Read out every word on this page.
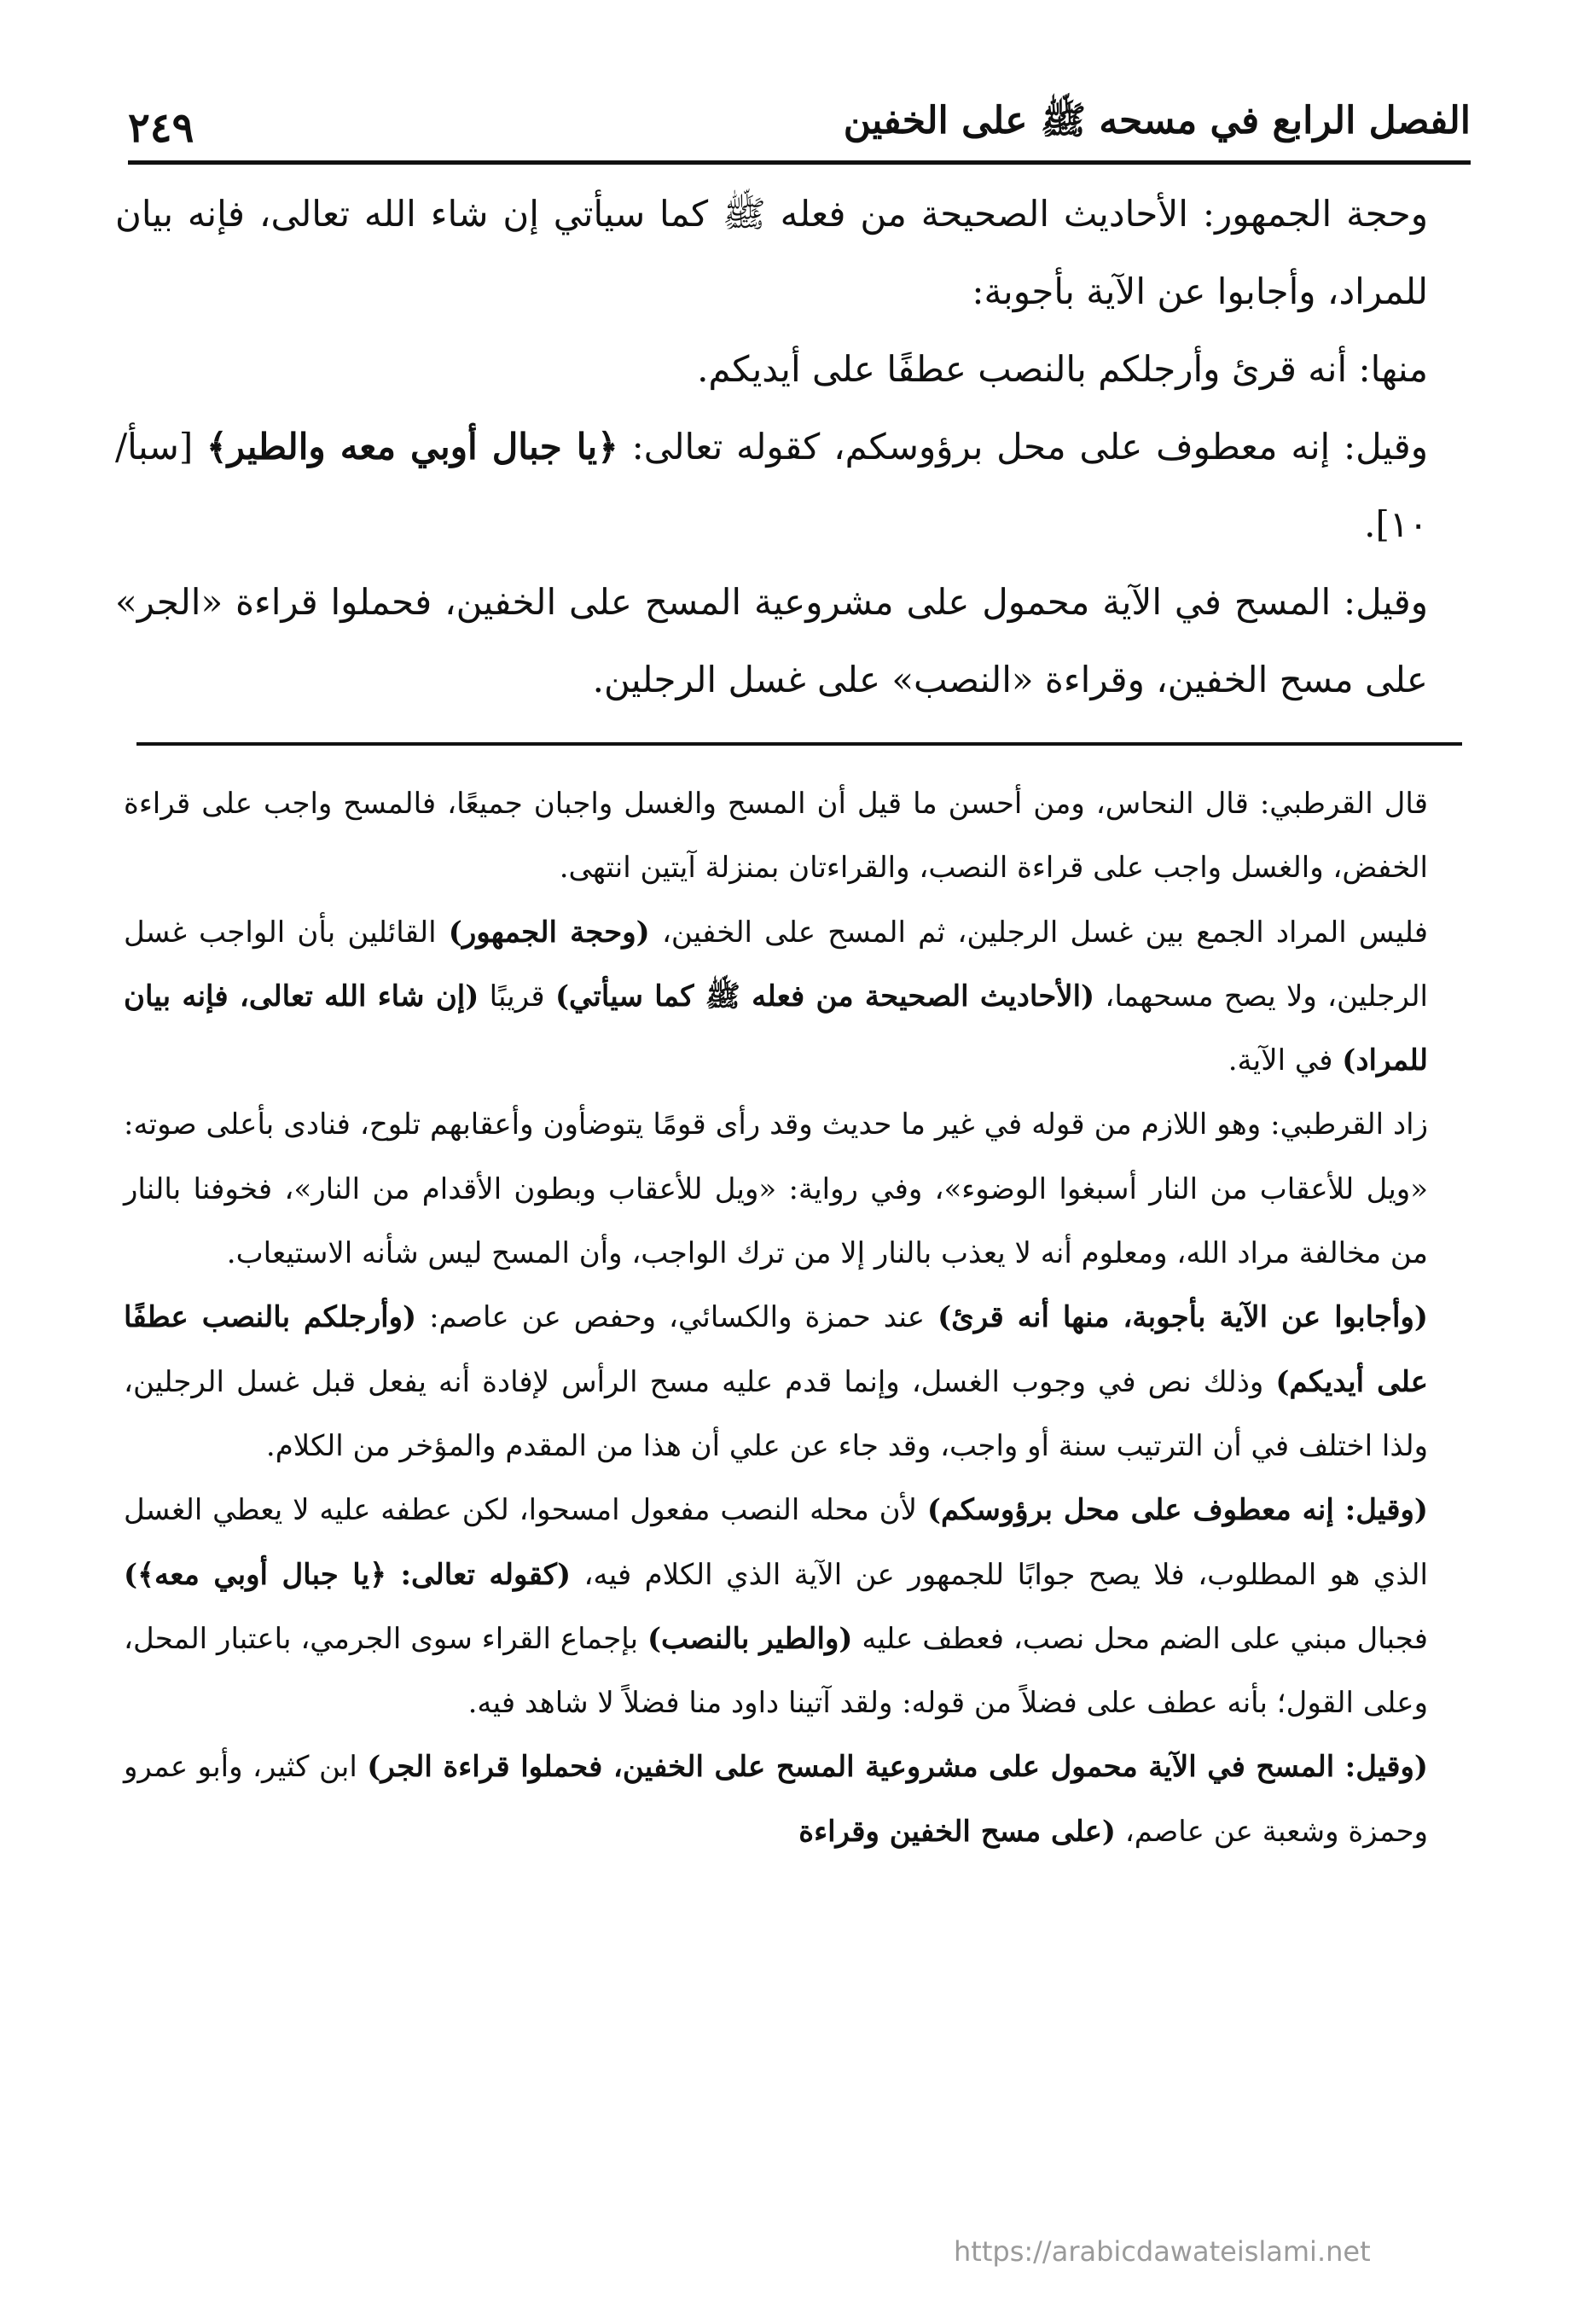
الفصل الرابع في مسحه ﷺ على الخفين
٢٤٩

وحجة الجمهور: الأحاديث الصحيحة من فعله ﷺ كما سيأتي إن شاء الله تعالى، فإنه بيان للمراد، وأجابوا عن الآية بأجوبة:

منها: أنه قرئ وأرجلكم بالنصب عطفًا على أيديكم.

وقيل: إنه معطوف على محل برؤوسكم، كقوله تعالى: ﴿يا جبال أوبي معه والطير﴾ [سبأ/١٠].

وقيل: المسح في الآية محمول على مشروعية المسح على الخفين، فحملوا قراءة «الجر» على مسح الخفين، وقراءة «النصب» على غسل الرجلين.

قال القرطبي: قال النحاس، ومن أحسن ما قيل أن المسح والغسل واجبان جميعًا، فالمسح واجب على قراءة الخفض، والغسل واجب على قراءة النصب، والقراءتان بمنزلة آيتين انتهى.

فليس المراد الجمع بين غسل الرجلين، ثم المسح على الخفين، (وحجة الجمهور) القائلين بأن الواجب غسل الرجلين، ولا يصح مسحهما، (الأحاديث الصحيحة من فعله ﷺ كما سيأتي) قريبًا (إن شاء الله تعالى، فإنه بيان للمراد) في الآية.

زاد القرطبي: وهو اللازم من قوله في غير ما حديث وقد رأى قومًا يتوضأون وأعقابهم تلوح، فنادى بأعلى صوته: «ويل للأعقاب من النار أسبغوا الوضوء»، وفي رواية: «ويل للأعقاب وبطون الأقدام من النار»، فخوفنا بالنار من مخالفة مراد الله، ومعلوم أنه لا يعذب بالنار إلا من ترك الواجب، وأن المسح ليس شأنه الاستيعاب.

(وأجابوا عن الآية بأجوبة، منها أنه قرئ) عند حمزة والكسائي، وحفص عن عاصم: (وأرجلكم بالنصب عطفًا على أيديكم) وذلك نص في وجوب الغسل، وإنما قدم عليه مسح الرأس لإفادة أنه يفعل قبل غسل الرجلين، ولذا اختلف في أن الترتيب سنة أو واجب، وقد جاء عن علي أن هذا من المقدم والمؤخر من الكلام.

(وقيل: إنه معطوف على محل برؤوسكم) لأن محله النصب مفعول امسحوا، لكن عطفه عليه لا يعطي الغسل الذي هو المطلوب، فلا يصح جوابًا للجمهور عن الآية الذي الكلام فيه، (كقوله تعالى: ﴿يا جبال أوبي معه﴾) فجبال مبني على الضم محل نصب، فعطف عليه (والطير بالنصب) بإجماع القراء سوى الجرمي، باعتبار المحل، وعلى القول؛ بأنه عطف على فضلاً من قوله: ولقد آتينا داود منا فضلاً لا شاهد فيه.

(وقيل: المسح في الآية محمول على مشروعية المسح على الخفين، فحملوا قراءة الجر) ابن كثير، وأبو عمرو وحمزة وشعبة عن عاصم، (على مسح الخفين وقراءة

https://arabicdawateislami.net
